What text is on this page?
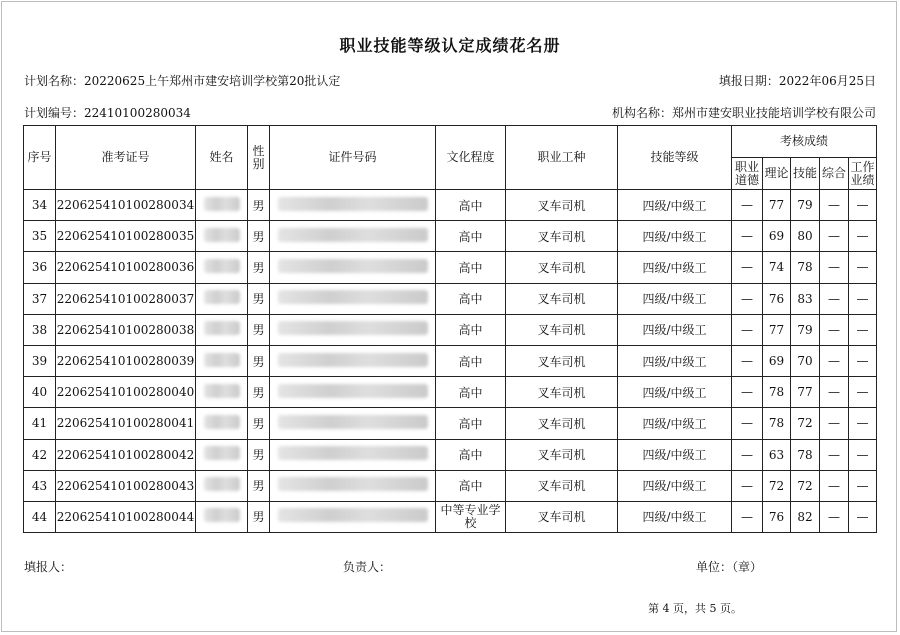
职业技能等级认定成绩花名册
计划名称：20220625上午郑州市建安培训学校第20批认定	填报日期：2022年06月25日
计划编号：22410100280034	机构名称：郑州市建安职业技能培训学校有限公司
序号	准考证号	姓名	性别	证件号码	文化程度	职业工种	技能等级	考核成绩				
								职业道德	理论	技能	综合	工作业绩
34	220625410100280034		男		高中	叉车司机	四级/中级工	—	77	79	—	—
35	220625410100280035		男		高中	叉车司机	四级/中级工	—	69	80	—	—
36	220625410100280036		男		高中	叉车司机	四级/中级工	—	74	78	—	—
37	220625410100280037		男		高中	叉车司机	四级/中级工	—	76	83	—	—
38	220625410100280038		男		高中	叉车司机	四级/中级工	—	77	79	—	—
39	220625410100280039		男		高中	叉车司机	四级/中级工	—	69	70	—	—
40	220625410100280040		男		高中	叉车司机	四级/中级工	—	78	77	—	—
41	220625410100280041		男		高中	叉车司机	四级/中级工	—	78	72	—	—
42	220625410100280042		男		高中	叉车司机	四级/中级工	—	63	78	—	—
43	220625410100280043		男		高中	叉车司机	四级/中级工	—	72	72	—	—
44	220625410100280044		男		中等专业学校	叉车司机	四级/中级工	—	76	82	—	—
填报人：	负责人：	单位：（章）
第 4 页，共 5 页。
